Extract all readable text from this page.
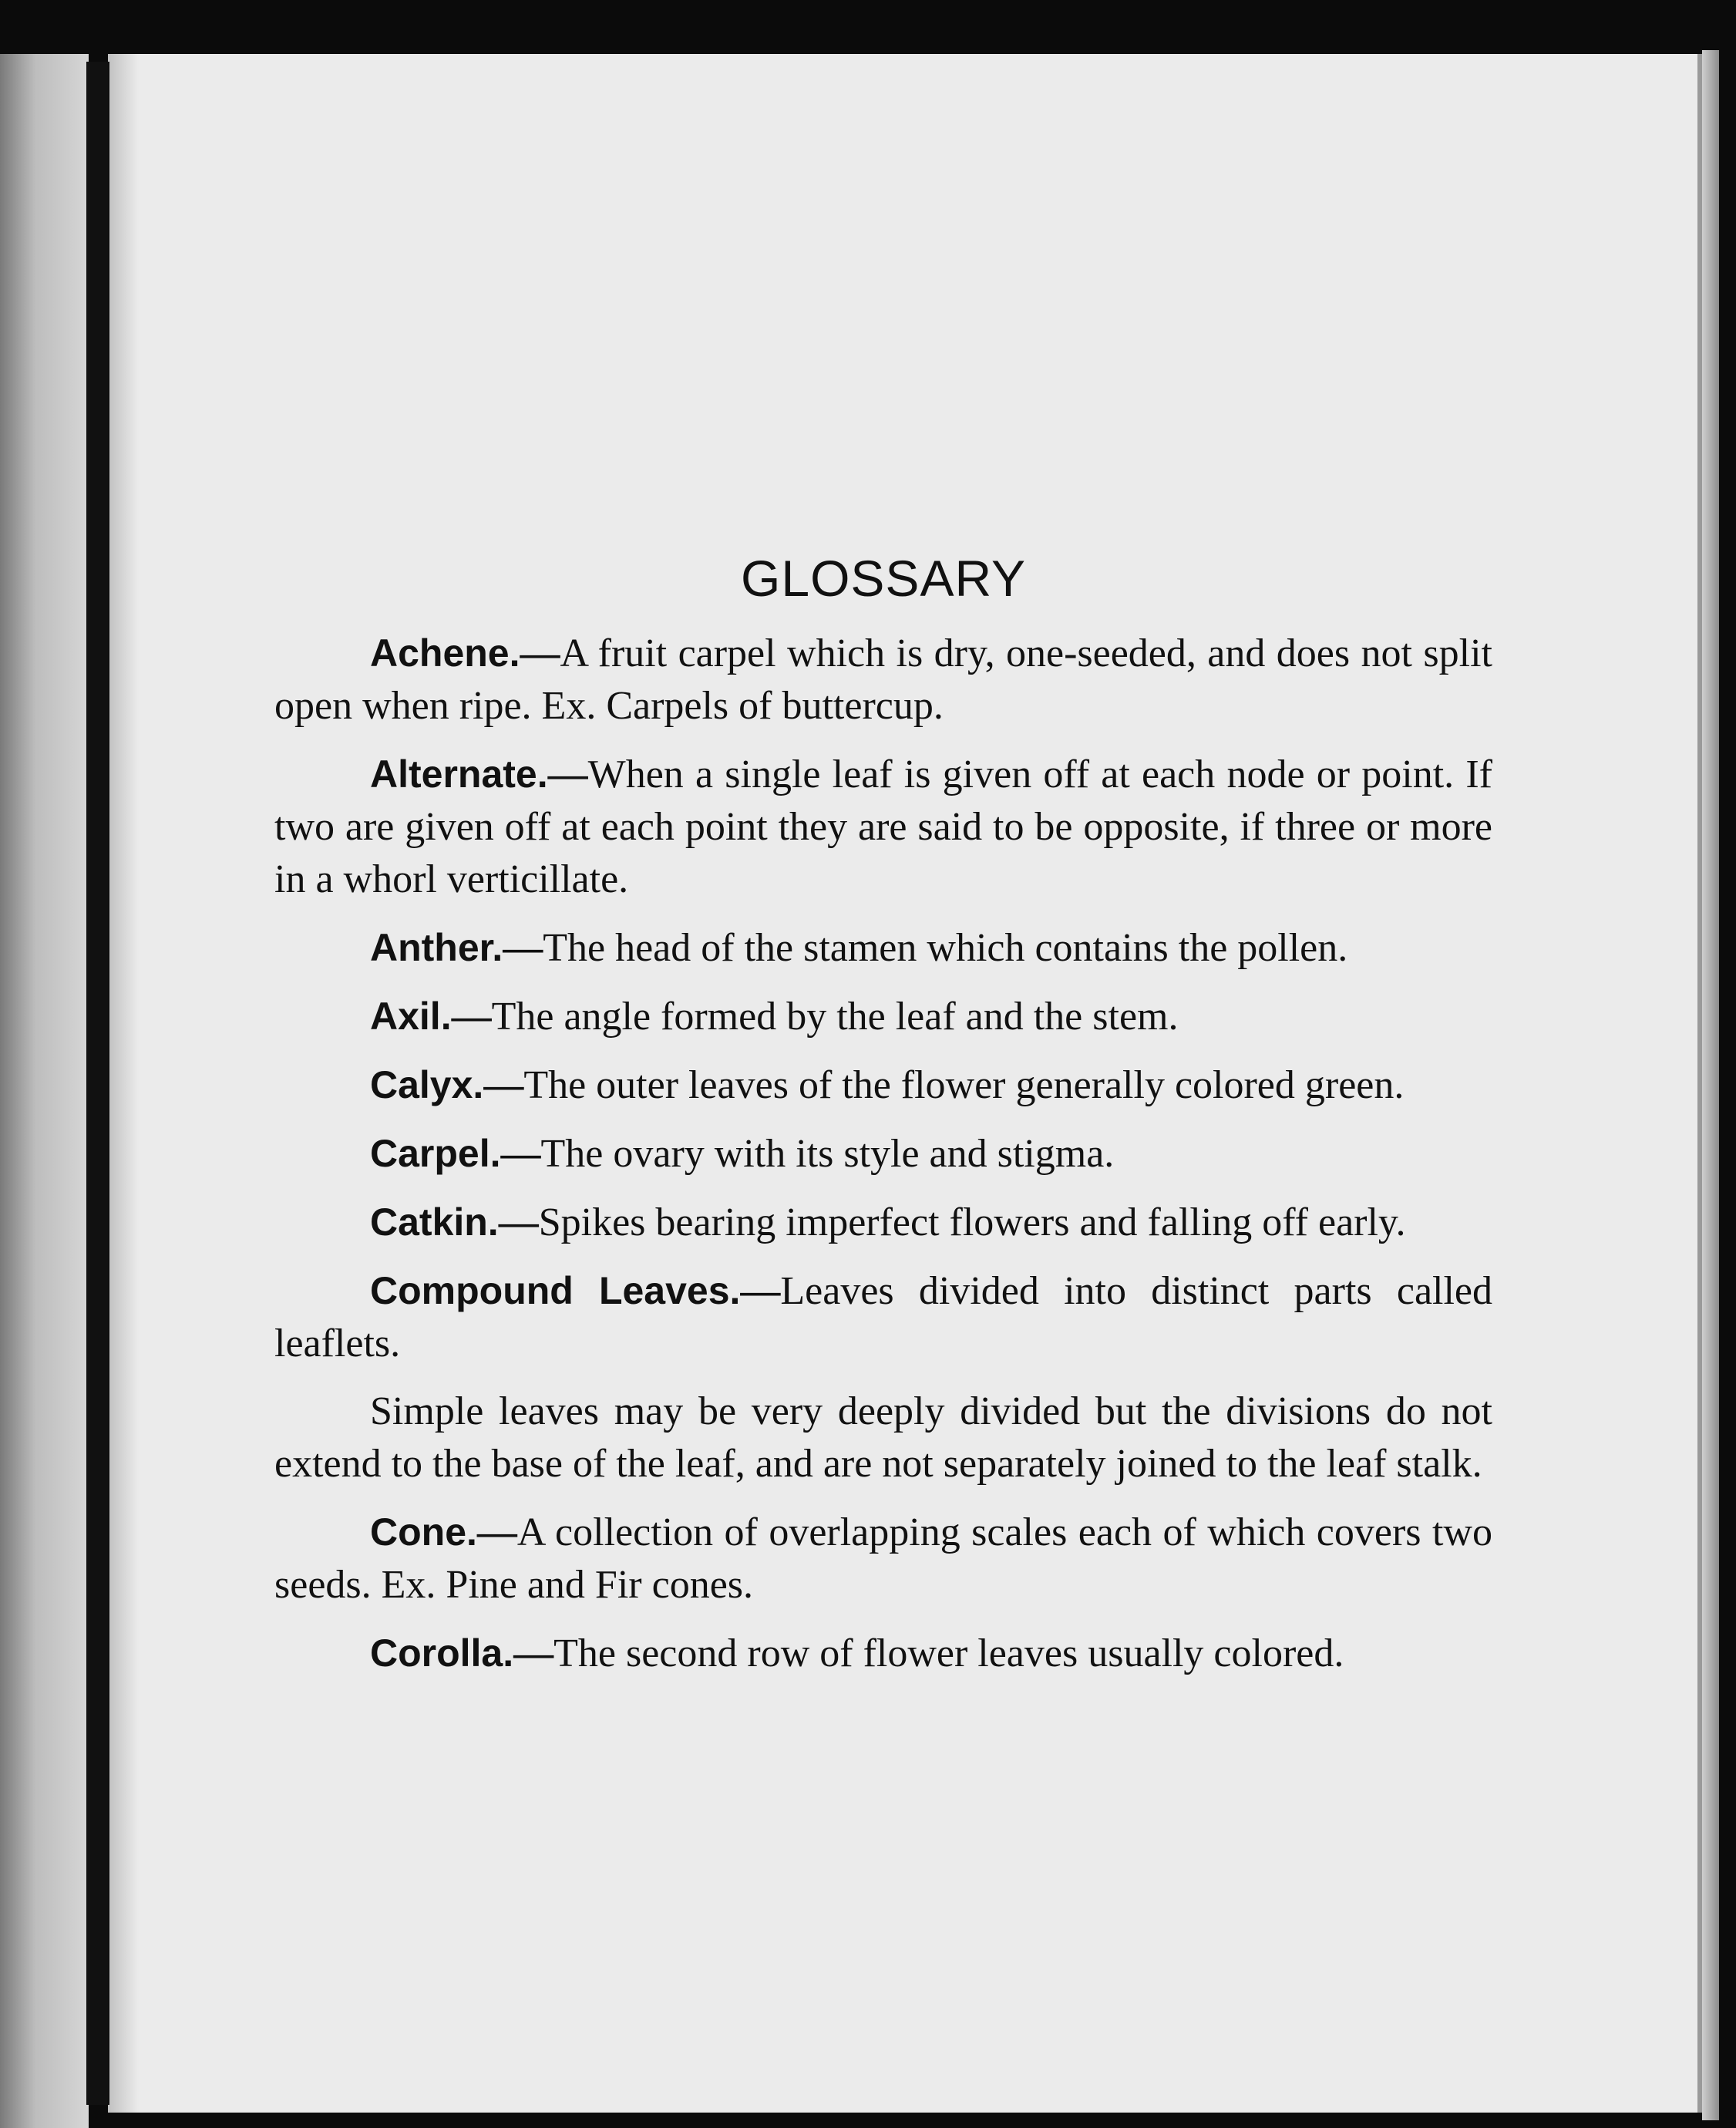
GLOSSARY

Achene.—A fruit carpel which is dry, one-seeded, and does not split open when ripe. Ex. Carpels of buttercup.

Alternate.—When a single leaf is given off at each node or point. If two are given off at each point they are said to be opposite, if three or more in a whorl verticillate.

Anther.—The head of the stamen which contains the pollen.

Axil.—The angle formed by the leaf and the stem.

Calyx.—The outer leaves of the flower generally colored green.

Carpel.—The ovary with its style and stigma.

Catkin.—Spikes bearing imperfect flowers and falling off early.

Compound Leaves.—Leaves divided into distinct parts called leaflets.

Simple leaves may be very deeply divided but the divisions do not extend to the base of the leaf, and are not separately joined to the leaf stalk.

Cone.—A collection of overlapping scales each of which covers two seeds. Ex. Pine and Fir cones.

Corolla.—The second row of flower leaves usually colored.
